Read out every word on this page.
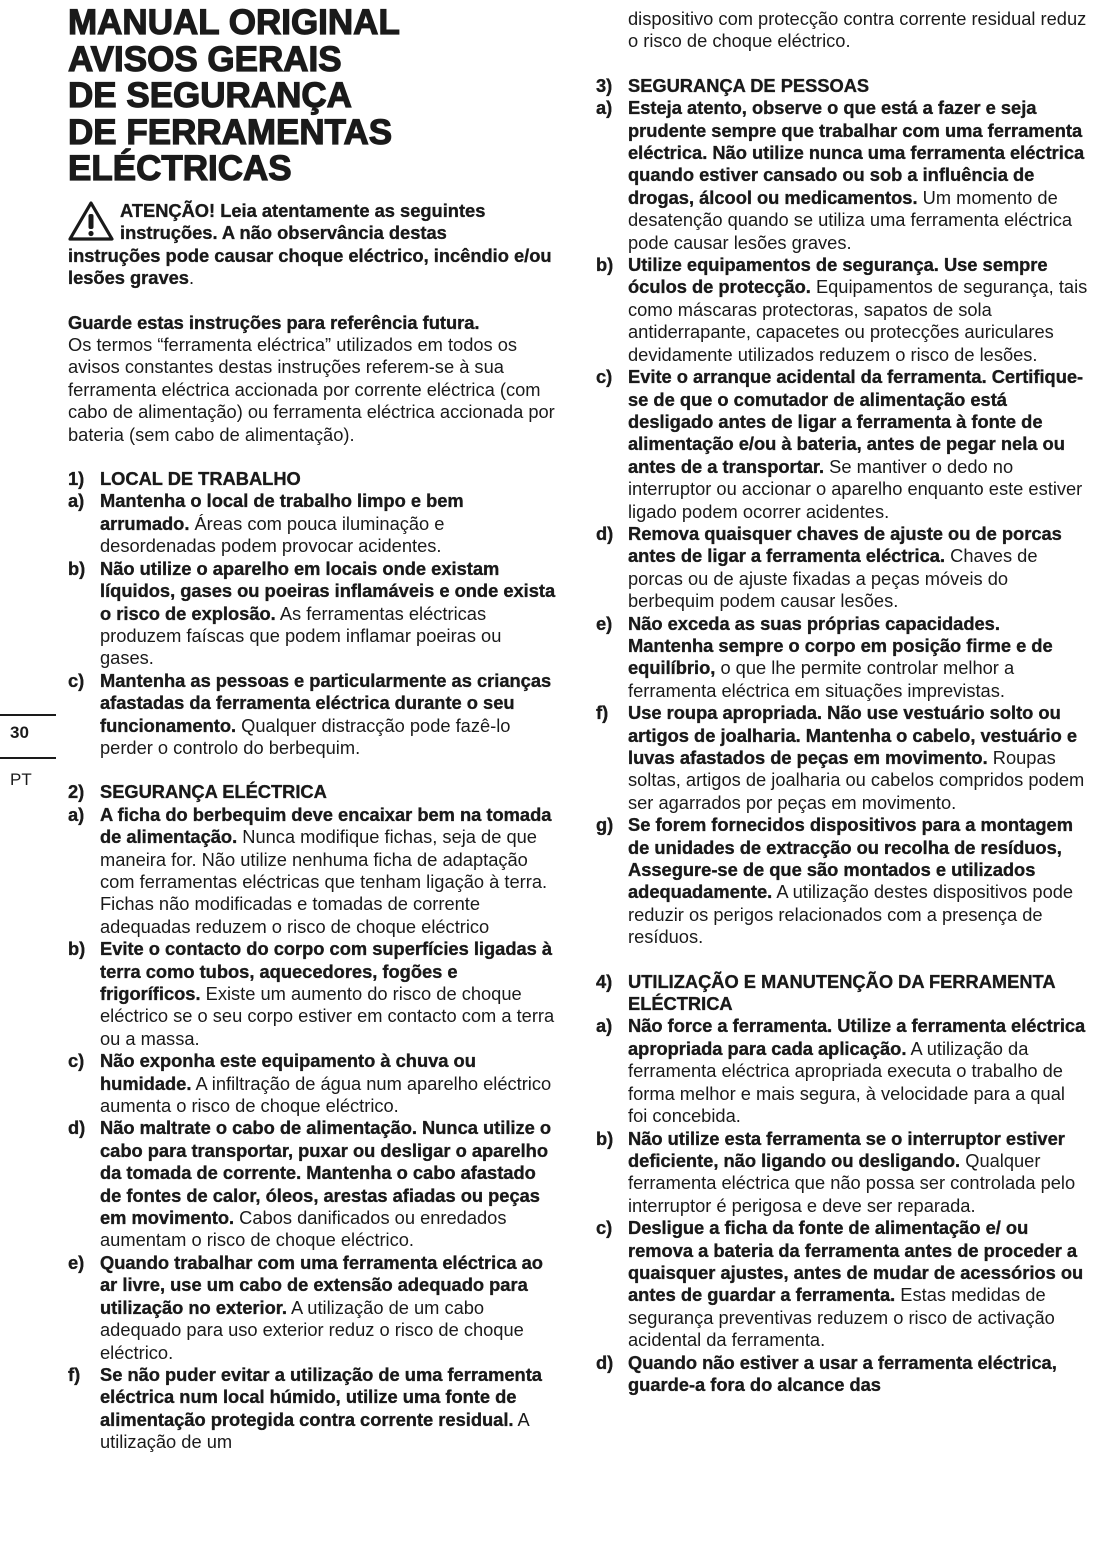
MANUAL ORIGINAL
AVISOS GERAIS
DE SEGURANÇA
DE FERRAMENTAS
ELÉCTRICAS
30
PT
ATENÇÃO! Leia atentamente as seguintes
instruções. A não observância destas
instruções pode causar choque eléctrico, incêndio e/ou lesões graves.
Guarde estas instruções para referência futura.
Os termos “ferramenta eléctrica” utilizados em todos os avisos constantes destas instruções referem-se à sua ferramenta eléctrica accionada por corrente eléctrica (com cabo de alimentação) ou ferramenta eléctrica accionada por bateria (sem cabo de alimentação).
1) LOCAL DE TRABALHO
a) Mantenha o local de trabalho limpo e bem arrumado. Áreas com pouca iluminação e desordenadas podem provocar acidentes.

b) Não utilize o aparelho em locais onde existam líquidos, gases ou poeiras inflamáveis e onde exista o risco de explosão. As ferramentas eléctricas produzem faíscas que podem inflamar poeiras ou gases.

c) Mantenha as pessoas e particularmente as crianças afastadas da ferramenta eléctrica durante o seu funcionamento. Qualquer distracção pode fazê-lo perder o controlo do berbequim.

2) SEGURANÇA ELÉCTRICA
a) A ficha do berbequim deve encaixar bem na tomada de alimentação. Nunca modifique fichas, seja de que maneira for. Não utilize nenhuma ficha de adaptação com ferramentas eléctricas que tenham ligação à terra. Fichas não modificadas e tomadas de corrente adequadas reduzem o risco de choque eléctrico

b) Evite o contacto do corpo com superfícies ligadas à terra como tubos, aquecedores, fogões e frigoríficos. Existe um aumento do risco de choque eléctrico se o seu corpo estiver em contacto com a terra ou a massa.

c) Não exponha este equipamento à chuva ou humidade. A infiltração de água num aparelho eléctrico aumenta o risco de choque eléctrico.

d) Não maltrate o cabo de alimentação. Nunca utilize o cabo para transportar, puxar ou desligar o aparelho da tomada de corrente. Mantenha o cabo afastado de fontes de calor, óleos, arestas afiadas ou peças em movimento. Cabos danificados ou enredados aumentam o risco de choque eléctrico.

e) Quando trabalhar com uma ferramenta eléctrica ao ar livre, use um cabo de extensão adequado para utilização no exterior. A utilização de um cabo adequado para uso exterior reduz o risco de choque eléctrico.

f) Se não puder evitar a utilização de uma ferramenta eléctrica num local húmido, utilize uma fonte de alimentação protegida contra corrente residual. A utilização de um

dispositivo com protecção contra corrente residual reduz o risco de choque eléctrico.
3) SEGURANÇA DE PESSOAS
a) Esteja atento, observe o que está a fazer e seja prudente sempre que trabalhar com uma ferramenta eléctrica. Não utilize nunca uma ferramenta eléctrica quando estiver cansado ou sob a influência de drogas, álcool ou medicamentos. Um momento de desatenção quando se utiliza uma ferramenta eléctrica pode causar lesões graves.

b) Utilize equipamentos de segurança. Use sempre óculos de protecção. Equipamentos de segurança, tais como máscaras protectoras, sapatos de sola antiderrapante, capacetes ou protecções auriculares devidamente utilizados reduzem o risco de lesões.

c) Evite o arranque acidental da ferramenta. Certifique-se de que o comutador de alimentação está desligado antes de ligar a ferramenta à fonte de alimentação e/ou à bateria, antes de pegar nela ou antes de a transportar. Se mantiver o dedo no interruptor ou accionar o aparelho enquanto este estiver ligado podem ocorrer acidentes.

d) Remova quaisquer chaves de ajuste ou de porcas antes de ligar a ferramenta eléctrica. Chaves de porcas ou de ajuste fixadas a peças móveis do berbequim podem causar lesões.

e) Não exceda as suas próprias capacidades. Mantenha sempre o corpo em posição firme e de equilíbrio, o que lhe permite controlar melhor a ferramenta eléctrica em situações imprevistas.

f) Use roupa apropriada. Não use vestuário solto ou artigos de joalharia. Mantenha o cabelo, vestuário e luvas afastados de peças em movimento. Roupas soltas, artigos de joalharia ou cabelos compridos podem ser agarrados por peças em movimento.

g) Se forem fornecidos dispositivos para a montagem de unidades de extracção ou recolha de resíduos, Assegure-se de que são montados e utilizados adequadamente. A utilização destes dispositivos pode reduzir os perigos relacionados com a presença de resíduos.

4) UTILIZAÇÃO E MANUTENÇÃO DA FERRAMENTA ELÉCTRICA
a) Não force a ferramenta. Utilize a ferramenta eléctrica apropriada para cada aplicação. A utilização da ferramenta eléctrica apropriada executa o trabalho de forma melhor e mais segura, à velocidade para a qual foi concebida.

b) Não utilize esta ferramenta se o interruptor estiver deficiente, não ligando ou desligando. Qualquer ferramenta eléctrica que não possa ser controlada pelo interruptor é perigosa e deve ser reparada.

c) Desligue a ficha da fonte de alimentação e/ ou remova a bateria da ferramenta antes de proceder a quaisquer ajustes, antes de mudar de acessórios ou antes de guardar a ferramenta. Estas medidas de segurança preventivas reduzem o risco de activação acidental da ferramenta.

d) Quando não estiver a usar a ferramenta eléctrica, guarde-a fora do alcance das
